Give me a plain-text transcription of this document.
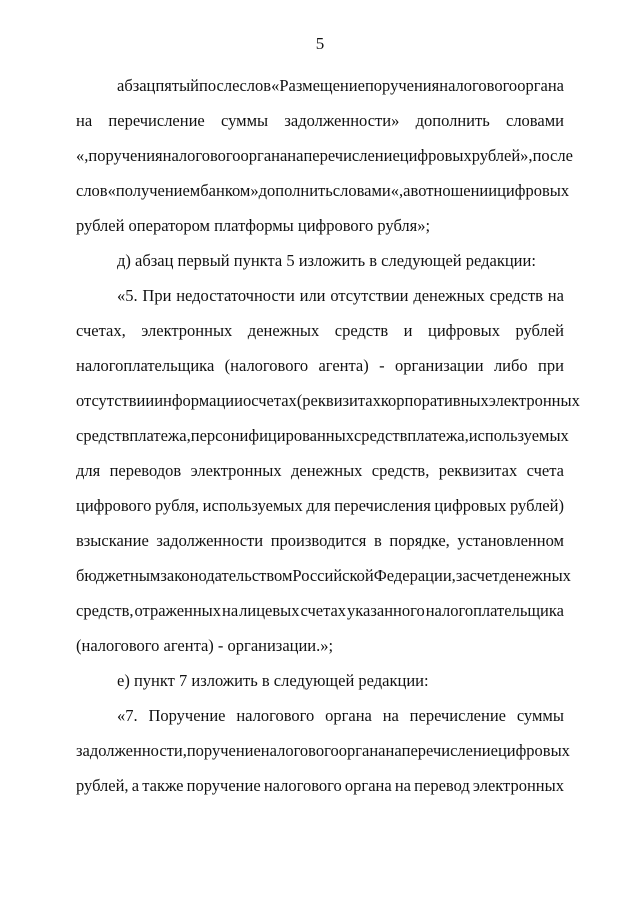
5
абзац пятый после слов «Размещение поручения налогового органа
на перечисление суммы задолженности» дополнить словами
«, поручения налогового органа на перечисление цифровых рублей», после
слов «получением банком» дополнить словами «, а в отношении цифровых
рублей оператором платформы цифрового рубля»;
д) абзац первый пункта 5 изложить в следующей редакции:
«5. При недостаточности или отсутствии денежных средств на
счетах, электронных денежных средств и цифровых рублей
налогоплательщика (налогового агента) - организации либо при
отсутствии информации о счетах (реквизитах корпоративных электронных
средств платежа, персонифицированных средств платежа, используемых
для переводов электронных денежных средств, реквизитах счета
цифрового рубля, используемых для перечисления цифровых рублей)
взыскание задолженности производится в порядке, установленном
бюджетным законодательством Российской Федерации, за счет денежных
средств, отраженных на лицевых счетах указанного налогоплательщика
(налогового агента) - организации.»;
е) пункт 7 изложить в следующей редакции:
«7. Поручение налогового органа на перечисление суммы
задолженности, поручение налогового органа на перечисление цифровых
рублей, а также поручение налогового органа на перевод электронных
